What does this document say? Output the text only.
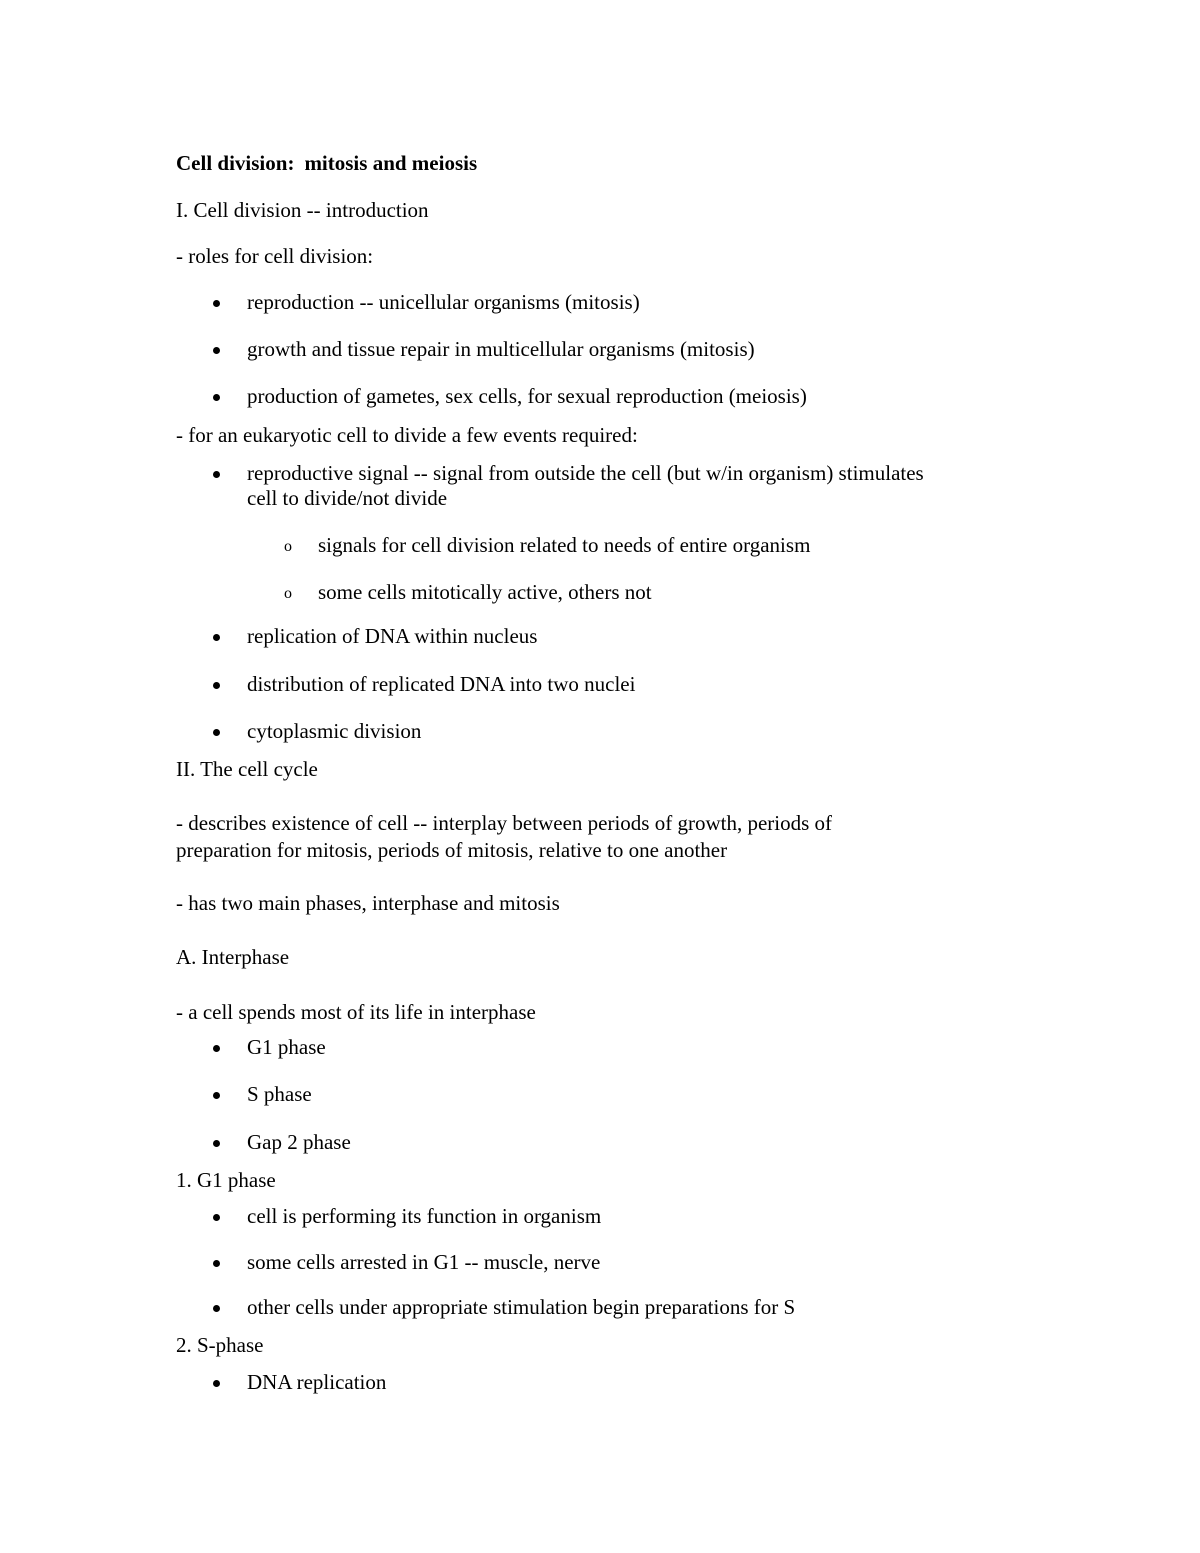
Cell division: mitosis and meiosis
I. Cell division -- introduction
- roles for cell division:
reproduction -- unicellular organisms (mitosis)
growth and tissue repair in multicellular organisms (mitosis)
production of gametes, sex cells, for sexual reproduction (meiosis)
- for an eukaryotic cell to divide a few events required:
reproductive signal -- signal from outside the cell (but w/in organism) stimulates
cell to divide/not divide
o signals for cell division related to needs of entire organism
o some cells mitotically active, others not
replication of DNA within nucleus
distribution of replicated DNA into two nuclei
cytoplasmic division
II. The cell cycle
- describes existence of cell -- interplay between periods of growth, periods of
preparation for mitosis, periods of mitosis, relative to one another
- has two main phases, interphase and mitosis
A. Interphase
- a cell spends most of its life in interphase
G1 phase
S phase
Gap 2 phase
1. G1 phase
cell is performing its function in organism
some cells arrested in G1 -- muscle, nerve
other cells under appropriate stimulation begin preparations for S
2. S-phase
DNA replication
